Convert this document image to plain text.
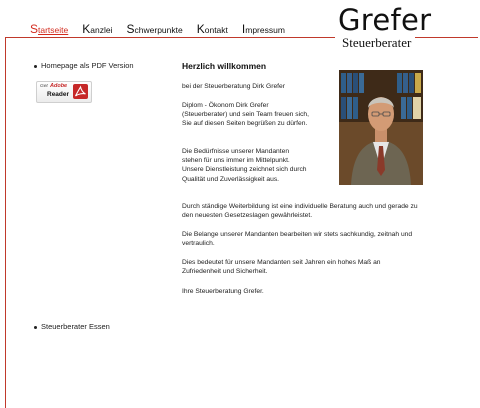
Startseite Kanzlei Schwerpunkte Kontakt Impressum Grefer
Steuerberater
Homepage als PDF Version
Get Adobe
Reader
Steuerberater Essen
Herzlich willkommen

bei der Steuerberatung Dirk Grefer

Diplom - Ökonom Dirk Grefer (Steuerberater) und sein Team freuen sich, Sie auf diesen Seiten begrüßen zu dürfen.

Die Bedürfnisse unserer Mandanten stehen für uns immer im Mittelpunkt. Unsere Dienstleistung zeichnet sich durch Qualität und Zuverlässigkeit aus.

Durch ständige Weiterbildung ist eine individuelle Beratung auch und gerade zu den neuesten Gesetzeslagen gewährleistet.

Die Belange unserer Mandanten bearbeiten wir stets sachkundig, zeitnah und vertraulich.

Dies bedeutet für unsere Mandanten seit Jahren ein hohes Maß an Zufriedenheit und Sicherheit.

Ihre Steuerberatung Grefer.
